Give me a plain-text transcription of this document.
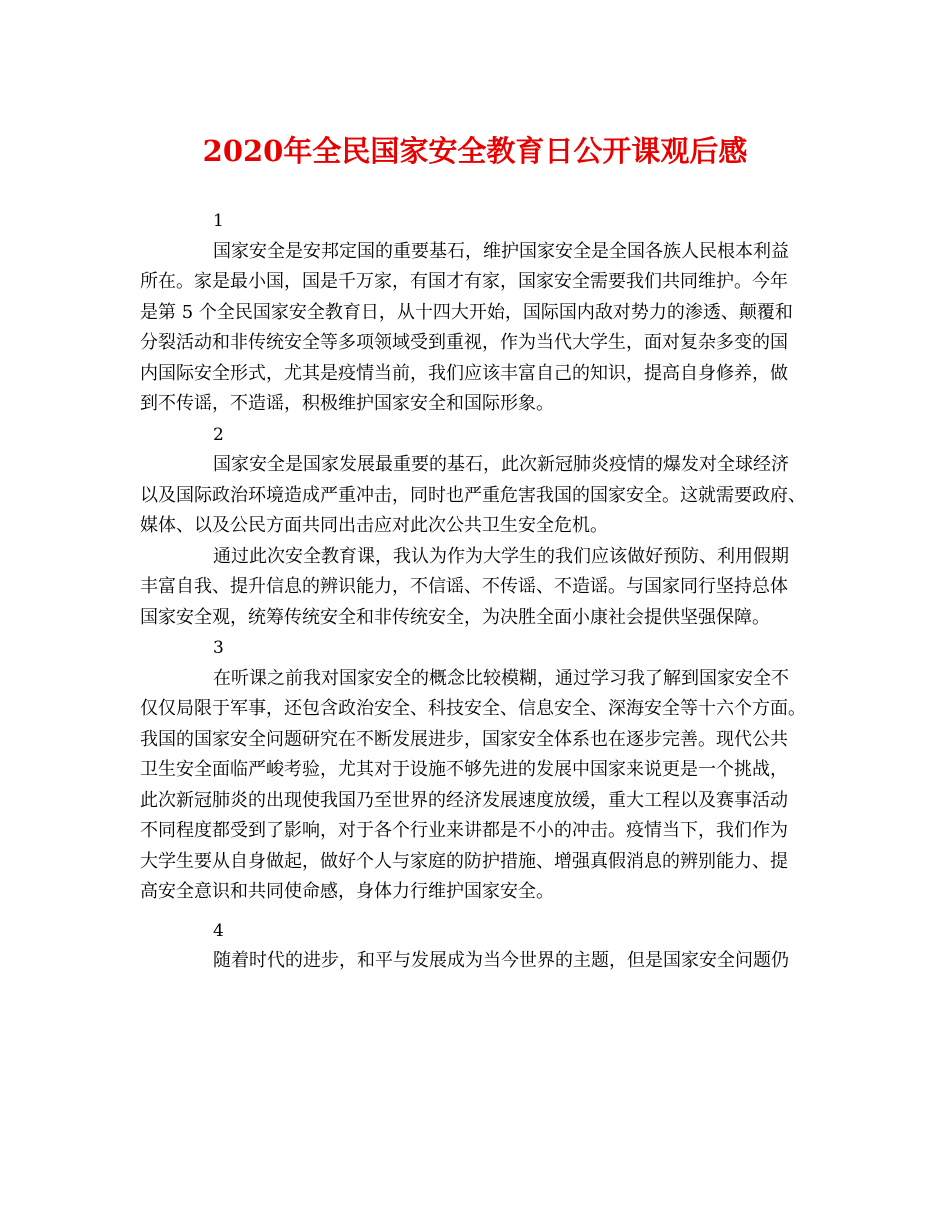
2020年全民国家安全教育日公开课观后感
1
国家安全是安邦定国的重要基石，维护国家安全是全国各族人民根本利益
所在。家是最小国，国是千万家，有国才有家，国家安全需要我们共同维护。今年
是第 5 个全民国家安全教育日，从十四大开始，国际国内敌对势力的渗透、颠覆和
分裂活动和非传统安全等多项领域受到重视，作为当代大学生，面对复杂多变的国
内国际安全形式，尤其是疫情当前，我们应该丰富自己的知识，提高自身修养，做
到不传谣，不造谣，积极维护国家安全和国际形象。
2
国家安全是国家发展最重要的基石，此次新冠肺炎疫情的爆发对全球经济
以及国际政治环境造成严重冲击，同时也严重危害我国的国家安全。这就需要政府、
媒体、以及公民方面共同出击应对此次公共卫生安全危机。
通过此次安全教育课，我认为作为大学生的我们应该做好预防、利用假期
丰富自我、提升信息的辨识能力，不信谣、不传谣、不造谣。与国家同行坚持总体
国家安全观，统筹传统安全和非传统安全，为决胜全面小康社会提供坚强保障。
3
在听课之前我对国家安全的概念比较模糊，通过学习我了解到国家安全不
仅仅局限于军事，还包含政治安全、科技安全、信息安全、深海安全等十六个方面。
我国的国家安全问题研究在不断发展进步，国家安全体系也在逐步完善。现代公共
卫生安全面临严峻考验，尤其对于设施不够先进的发展中国家来说更是一个挑战，
此次新冠肺炎的出现使我国乃至世界的经济发展速度放缓，重大工程以及赛事活动
不同程度都受到了影响，对于各个行业来讲都是不小的冲击。疫情当下，我们作为
大学生要从自身做起，做好个人与家庭的防护措施、增强真假消息的辨别能力、提
高安全意识和共同使命感，身体力行维护国家安全。
4
随着时代的进步，和平与发展成为当今世界的主题，但是国家安全问题仍
